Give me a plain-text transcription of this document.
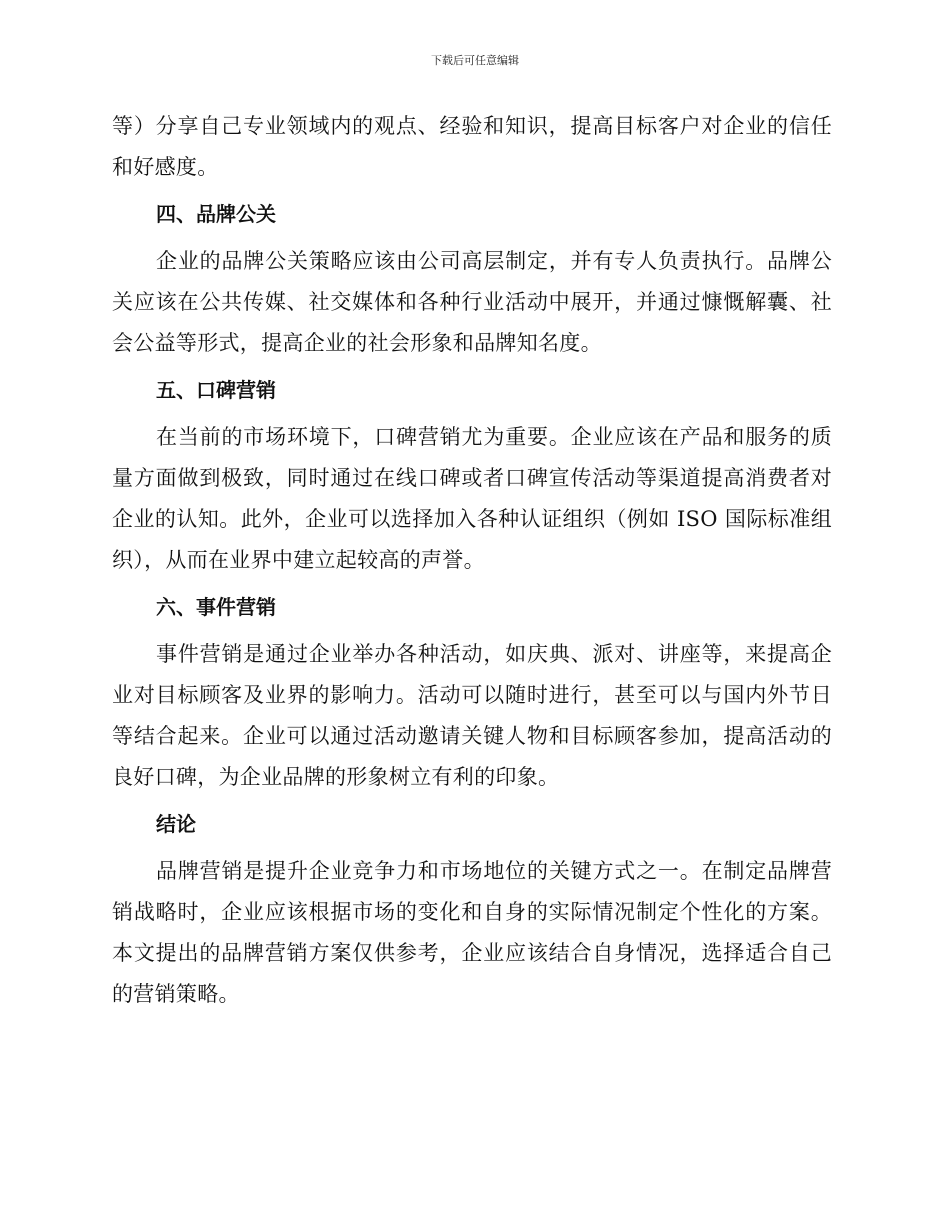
下载后可任意编辑

等）分享自己专业领域内的观点、经验和知识，提高目标客户对企业的信任和好感度。

四、品牌公关

企业的品牌公关策略应该由公司高层制定，并有专人负责执行。品牌公关应该在公共传媒、社交媒体和各种行业活动中展开，并通过慷慨解囊、社会公益等形式，提高企业的社会形象和品牌知名度。

五、口碑营销

在当前的市场环境下，口碑营销尤为重要。企业应该在产品和服务的质量方面做到极致，同时通过在线口碑或者口碑宣传活动等渠道提高消费者对企业的认知。此外，企业可以选择加入各种认证组织（例如 ISO 国际标准组织），从而在业界中建立起较高的声誉。

六、事件营销

事件营销是通过企业举办各种活动，如庆典、派对、讲座等，来提高企业对目标顾客及业界的影响力。活动可以随时进行，甚至可以与国内外节日等结合起来。企业可以通过活动邀请关键人物和目标顾客参加，提高活动的良好口碑，为企业品牌的形象树立有利的印象。

结论

品牌营销是提升企业竞争力和市场地位的关键方式之一。在制定品牌营销战略时，企业应该根据市场的变化和自身的实际情况制定个性化的方案。本文提出的品牌营销方案仅供参考，企业应该结合自身情况，选择适合自己的营销策略。
